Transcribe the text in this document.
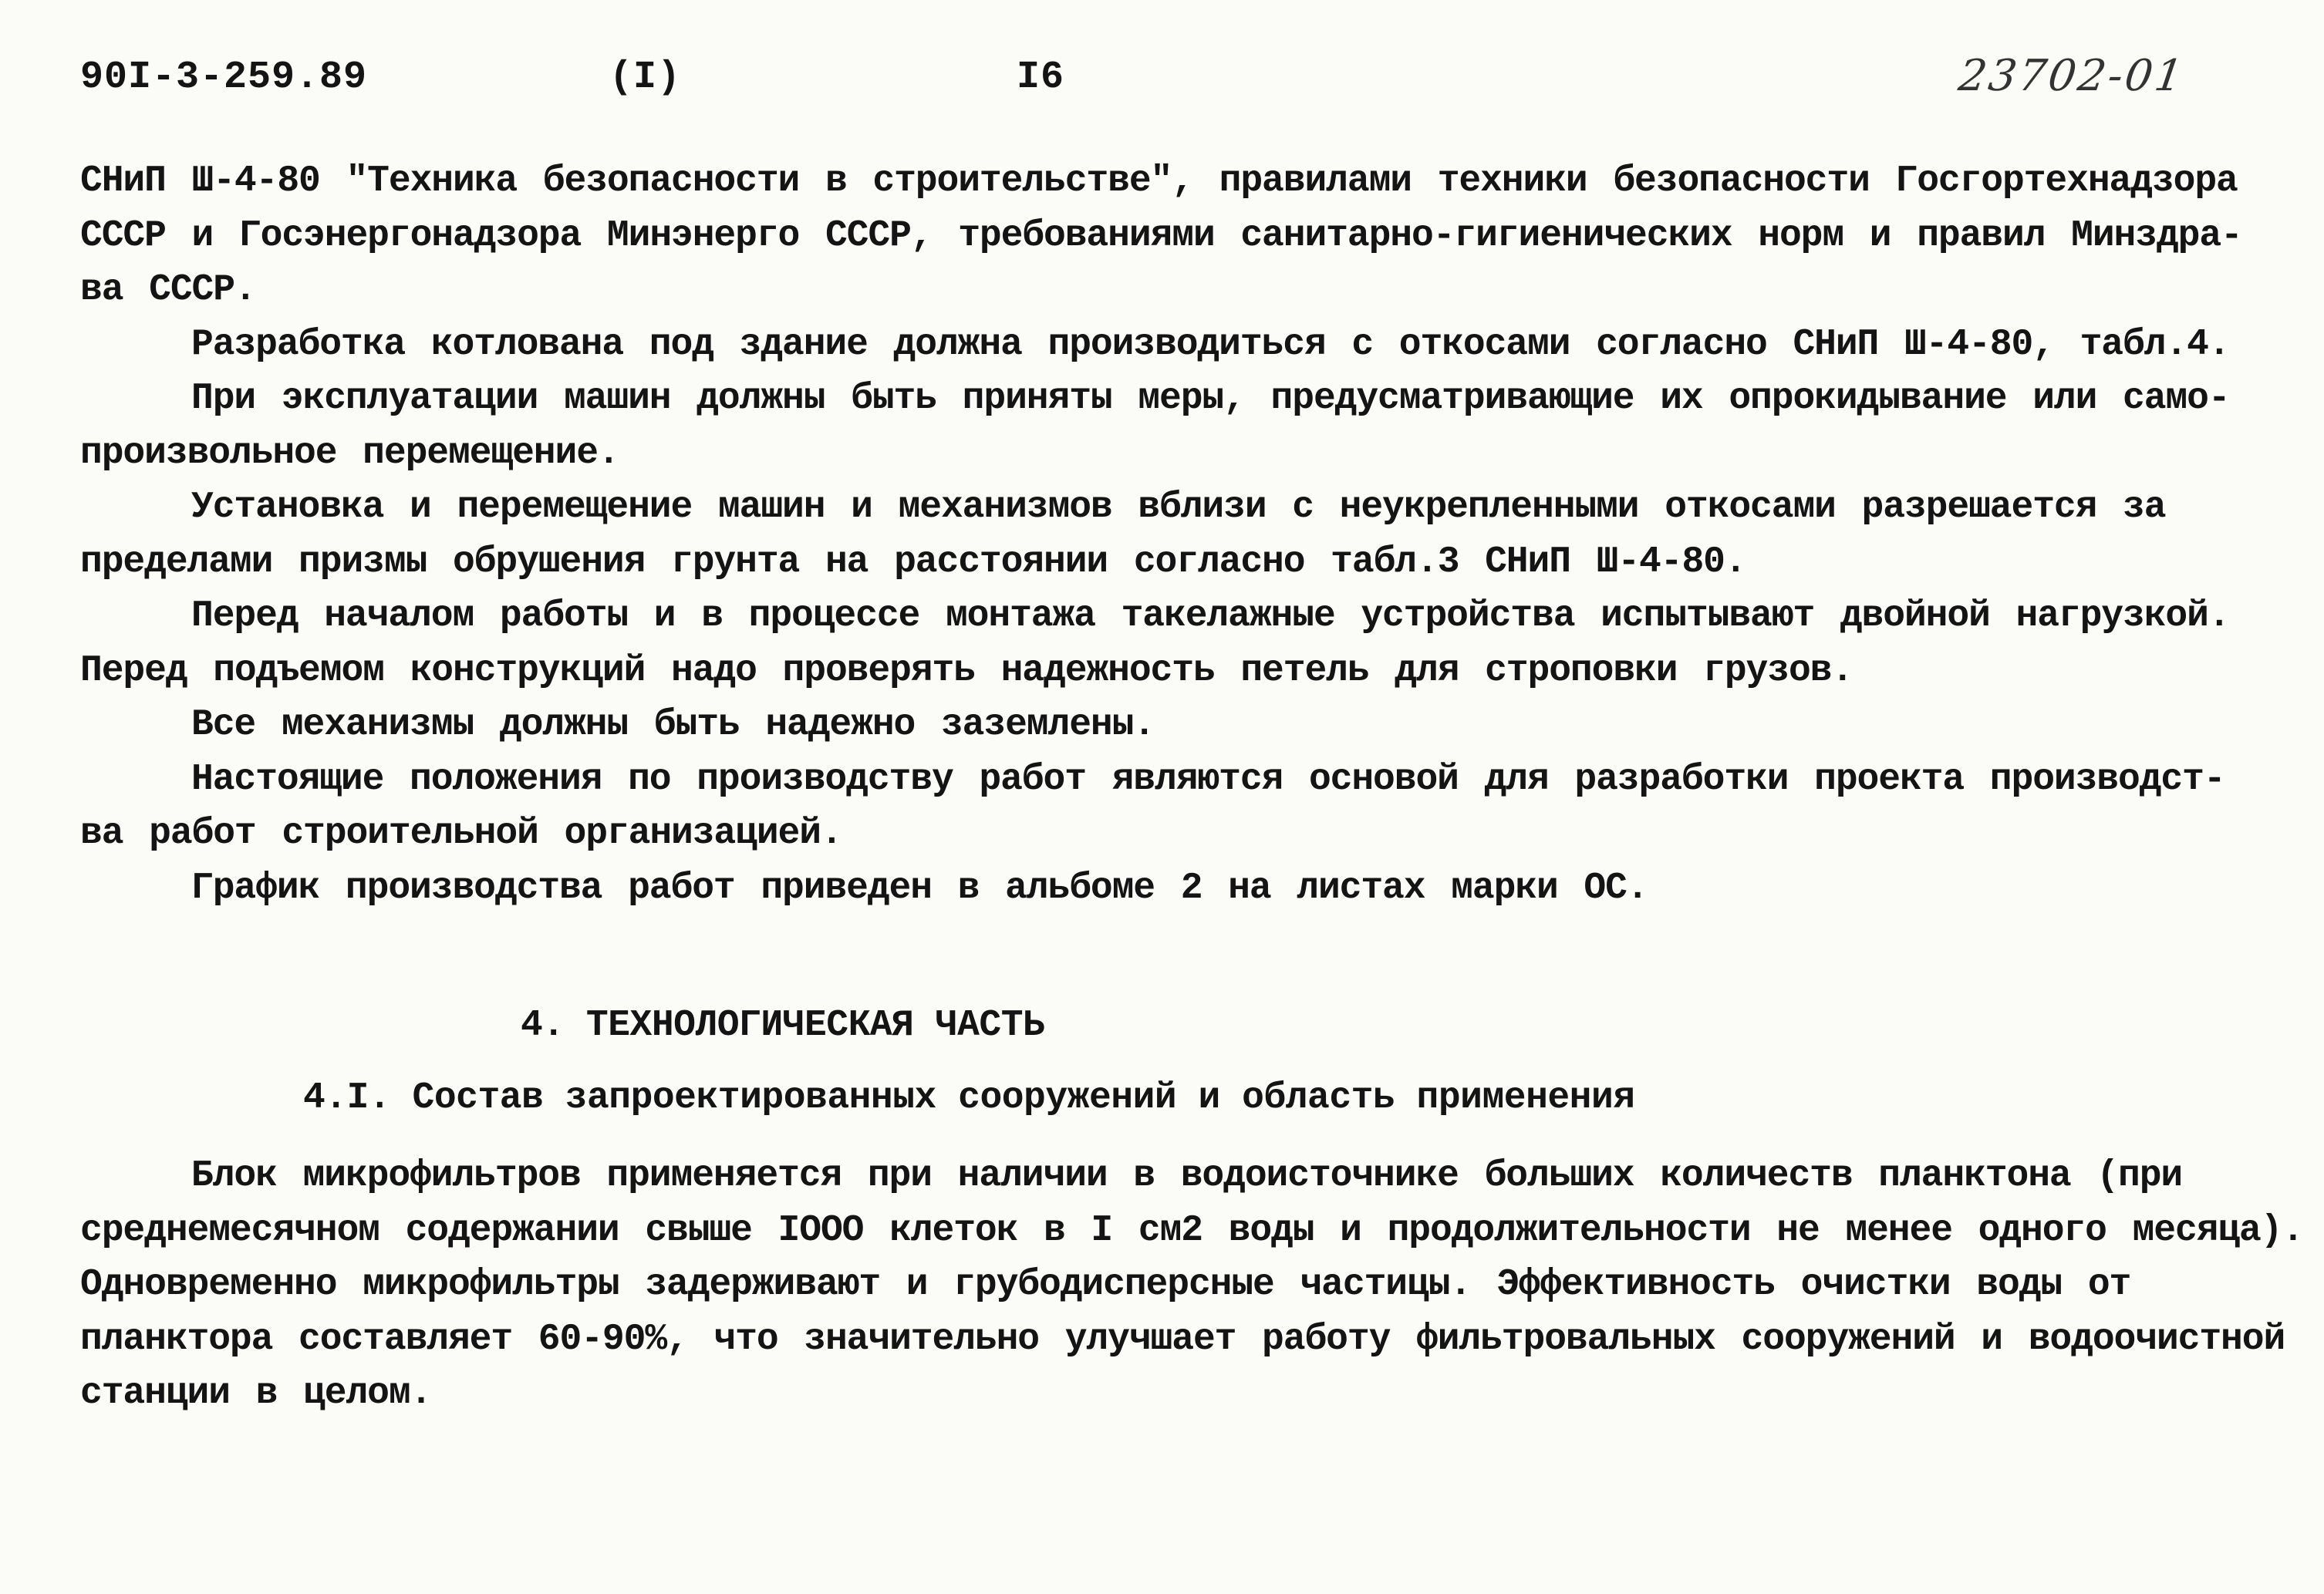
90I-3-259.89	(I)	I6	23702-01

СНиП Ш-4-80 "Техника безопасности в строительстве", правилами техники безопасности Госгортехнадзора

СССР и Госэнергонадзора Минэнерго СССР, требованиями санитарно-гигиенических норм и правил Минздра-

ва СССР.

Разработка котлована под здание должна производиться с откосами согласно СНиП Ш-4-80, табл.4.

При эксплуатации машин должны быть приняты меры, предусматривающие их опрокидывание или само-

произвольное перемещение.

Установка и перемещение машин и механизмов вблизи с неукрепленными откосами разрешается за

пределами призмы обрушения грунта на расстоянии согласно табл.3 СНиП Ш-4-80.

Перед началом работы и в процессе монтажа такелажные устройства испытывают двойной нагрузкой.

Перед подъемом конструкций надо проверять надежность петель для строповки грузов.

Все механизмы должны быть надежно заземлены.

Настоящие положения по производству работ являются основой для разработки проекта производст-

ва работ строительной организацией.

График производства работ приведен в альбоме 2 на листах марки ОС.

4. ТЕХНОЛОГИЧЕСКАЯ ЧАСТЬ
4.I. Состав запроектированных сооружений и область применения

Блок микрофильтров применяется при наличии в водоисточнике больших количеств планктона (при

среднемесячном содержании свыше IOOO клеток в I см2 воды и продолжительности не менее одного месяца).

Одновременно микрофильтры задерживают и грубодисперсные частицы. Эффективность очистки воды от

планктора составляет 60-90%, что значительно улучшает работу фильтровальных сооружений и водоочистной

станции в целом.
